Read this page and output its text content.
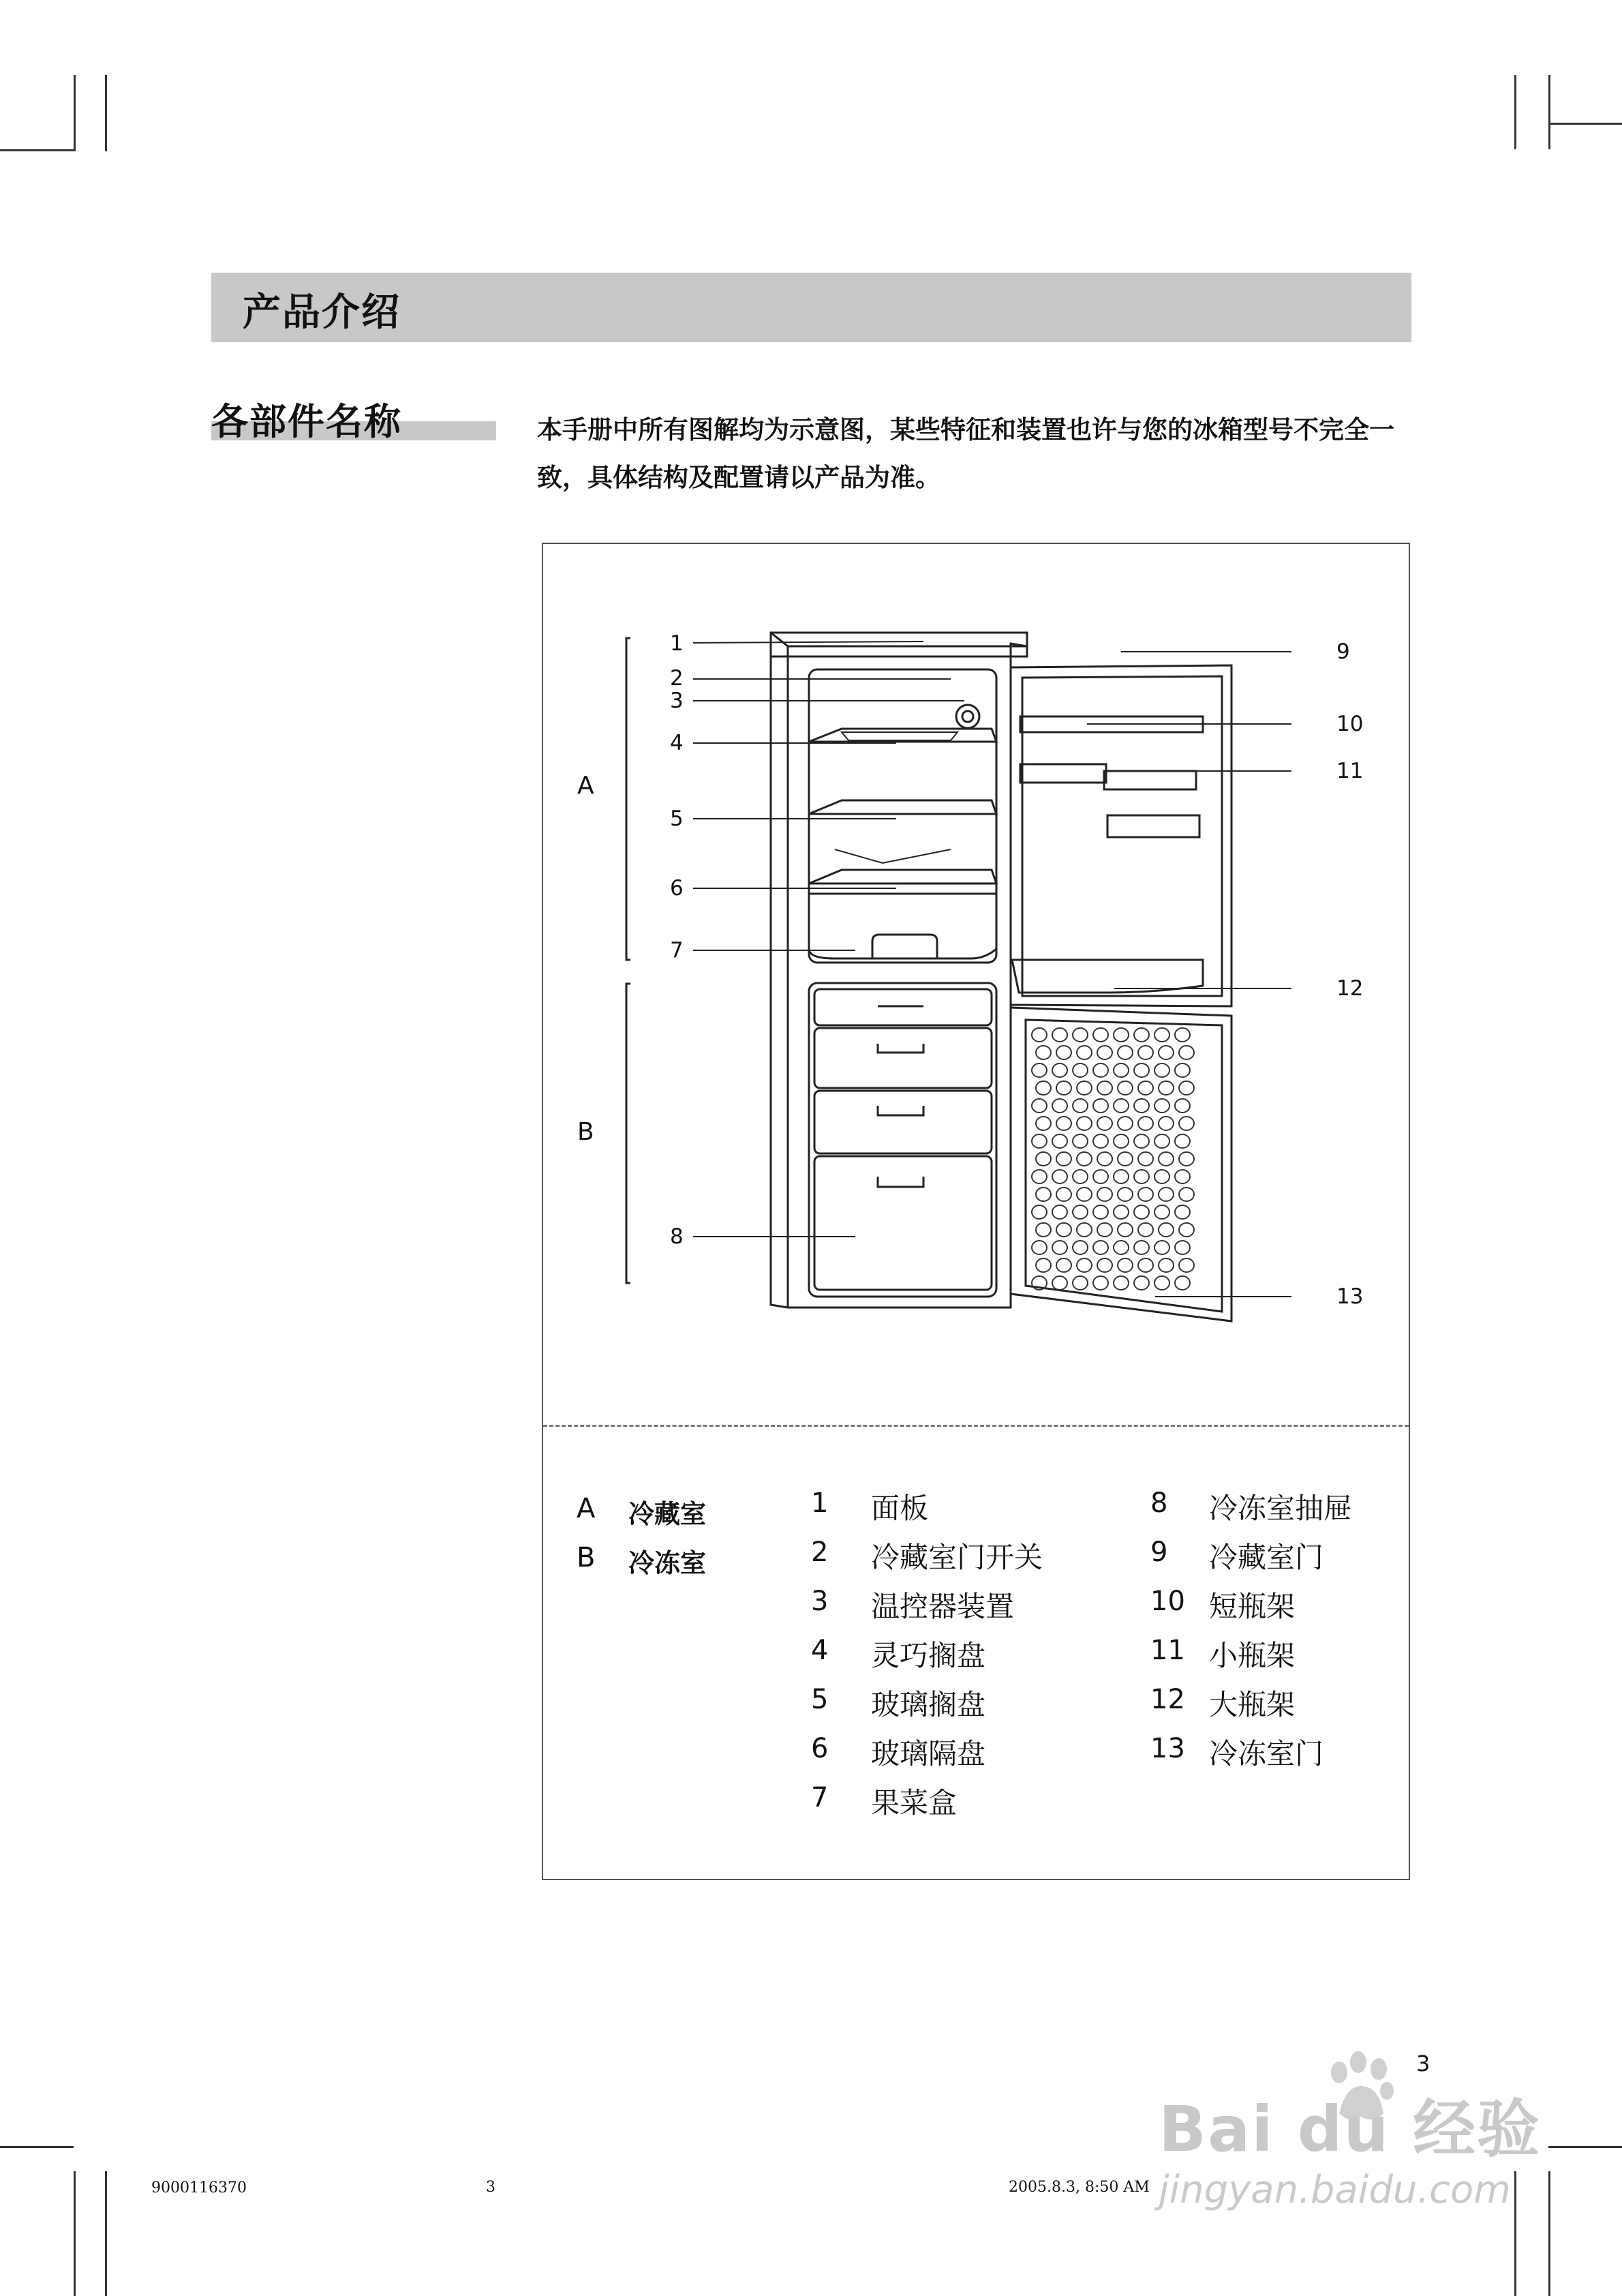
产品介绍
各部件名称	本手册中所有图解均为示意图，某些特征和装置也许与您的冰箱型号不完全一致，具体结构及配置请以产品为准。
A
B
1
2
3
4
5
6
7
8
9
10
11
12
13
A 冷藏室
B 冷冻室
1 面板
2 冷藏室门开关
3 温控器装置
4 灵巧搁盘
5 玻璃搁盘
6 玻璃隔盘
7 果菜盒
8 冷冻室抽屉
9 冷藏室门
10 短瓶架
11 小瓶架
12 大瓶架
13 冷冻室门
3
Bai du 经验
jingyan.baidu.com
9000116370	3	2005.8.3, 8:50 AM
